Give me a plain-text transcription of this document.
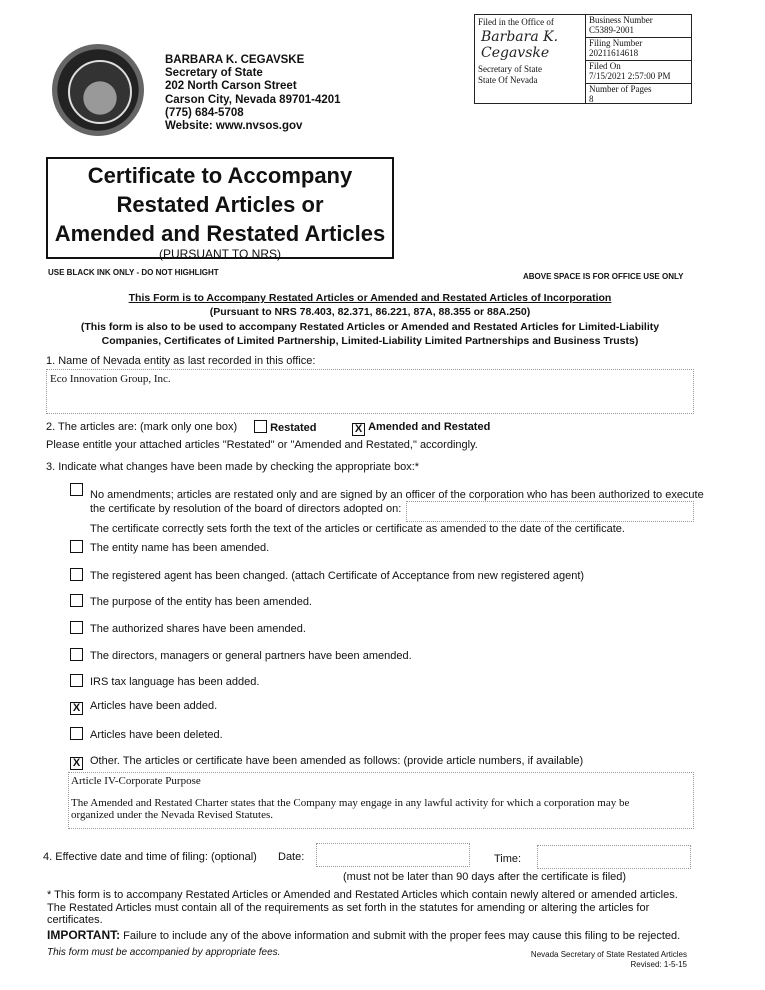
BARBARA K. CEGAVSKE
Secretary of State
202 North Carson Street
Carson City, Nevada 89701-4201
(775) 684-5708
Website: www.nvsos.gov
Filed in the Office of
Barbara K. Cegavske
Secretary of State
State Of Nevada
Business Number
C5389-2001
Filing Number
20211614618
Filed On
7/15/2021 2:57:00 PM
Number of Pages
8
Certificate to Accompany
Restated Articles or
Amended and Restated Articles
(PURSUANT TO NRS)
USE BLACK INK ONLY - DO NOT HIGHLIGHT	ABOVE SPACE IS FOR OFFICE USE ONLY
This Form is to Accompany Restated Articles or Amended and Restated Articles of Incorporation
(Pursuant to NRS 78.403, 82.371, 86.221, 87A, 88.355 or 88A.250)
(This form is also to be used to accompany Restated Articles or Amended and Restated Articles for Limited-Liability
Companies, Certificates of Limited Partnership, Limited-Liability Limited Partnerships and Business Trusts)
1. Name of Nevada entity as last recorded in this office:
Eco Innovation Group, Inc.
2. The articles are: (mark only one box)	Restated	X Amended and Restated
Please entitle your attached articles "Restated" or "Amended and Restated," accordingly.
3. Indicate what changes have been made by checking the appropriate box:*
No amendments; articles are restated only and are signed by an officer of the corporation who has been authorized to execute
the certificate by resolution of the board of directors adopted on:
The certificate correctly sets forth the text of the articles or certificate as amended to the date of the certificate.
The entity name has been amended.
The registered agent has been changed. (attach Certificate of Acceptance from new registered agent)
The purpose of the entity has been amended.
The authorized shares have been amended.
The directors, managers or general partners have been amended.
IRS tax language has been added.
X Articles have been added.
Articles have been deleted.
X Other. The articles or certificate have been amended as follows: (provide article numbers, if available)
Article IV-Corporate Purpose
The Amended and Restated Charter states that the Company may engage in any lawful activity for which a corporation may be
organized under the Nevada Revised Statutes.
4. Effective date and time of filing: (optional) Date:	Time:
(must not be later than 90 days after the certificate is filed)
* This form is to accompany Restated Articles or Amended and Restated Articles which contain newly altered or amended articles.
The Restated Articles must contain all of the requirements as set forth in the statutes for amending or altering the articles for
certificates.
IMPORTANT: Failure to include any of the above information and submit with the proper fees may cause this filing to be rejected.
This form must be accompanied by appropriate fees.	Nevada Secretary of State Restated Articles
Revised: 1-5-15
